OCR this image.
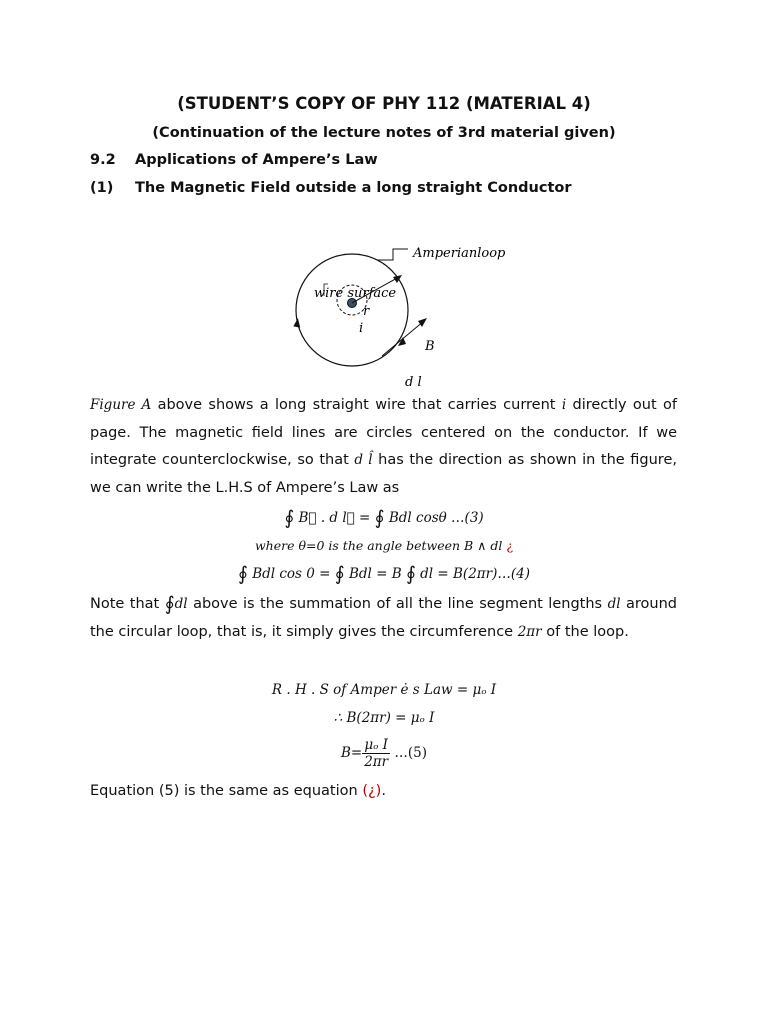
(STUDENT’S COPY OF PHY 112 (MATERIAL 4)
(Continuation of the lecture notes of 3rd material given)
9.2 Applications of Ampere’s Law
(1) The Magnetic Field outside a long straight Conductor
Amperianloop
wire surface
r
i
B
d l
Figure A above shows a long straight wire that carries current i directly out of page. The magnetic field lines are circles centered on the conductor. If we integrate counterclockwise, so that d l̂ has the direction as shown in the figure, we can write the L.H.S of Ampere’s Law as
∮ B⃗ . d l⃗ = ∮ Bdl cosθ …(3)
where θ=0 is the angle between B ∧ dl ¿
∮ Bdl cos 0 = ∮ Bdl = B ∮ dl = B(2πr)…(4)
Note that ∮dl above is the summation of all the line segment lengths dl around the circular loop, that is, it simply gives the circumference 2πr of the loop.
R . H . S of Amper ė s Law = μₒ I
∴ B(2πr) = μₒ I
$B= \frac{\text{μₒ I}}{2\pi r}$ …(5)
Equation (5) is the same as equation (¿).
